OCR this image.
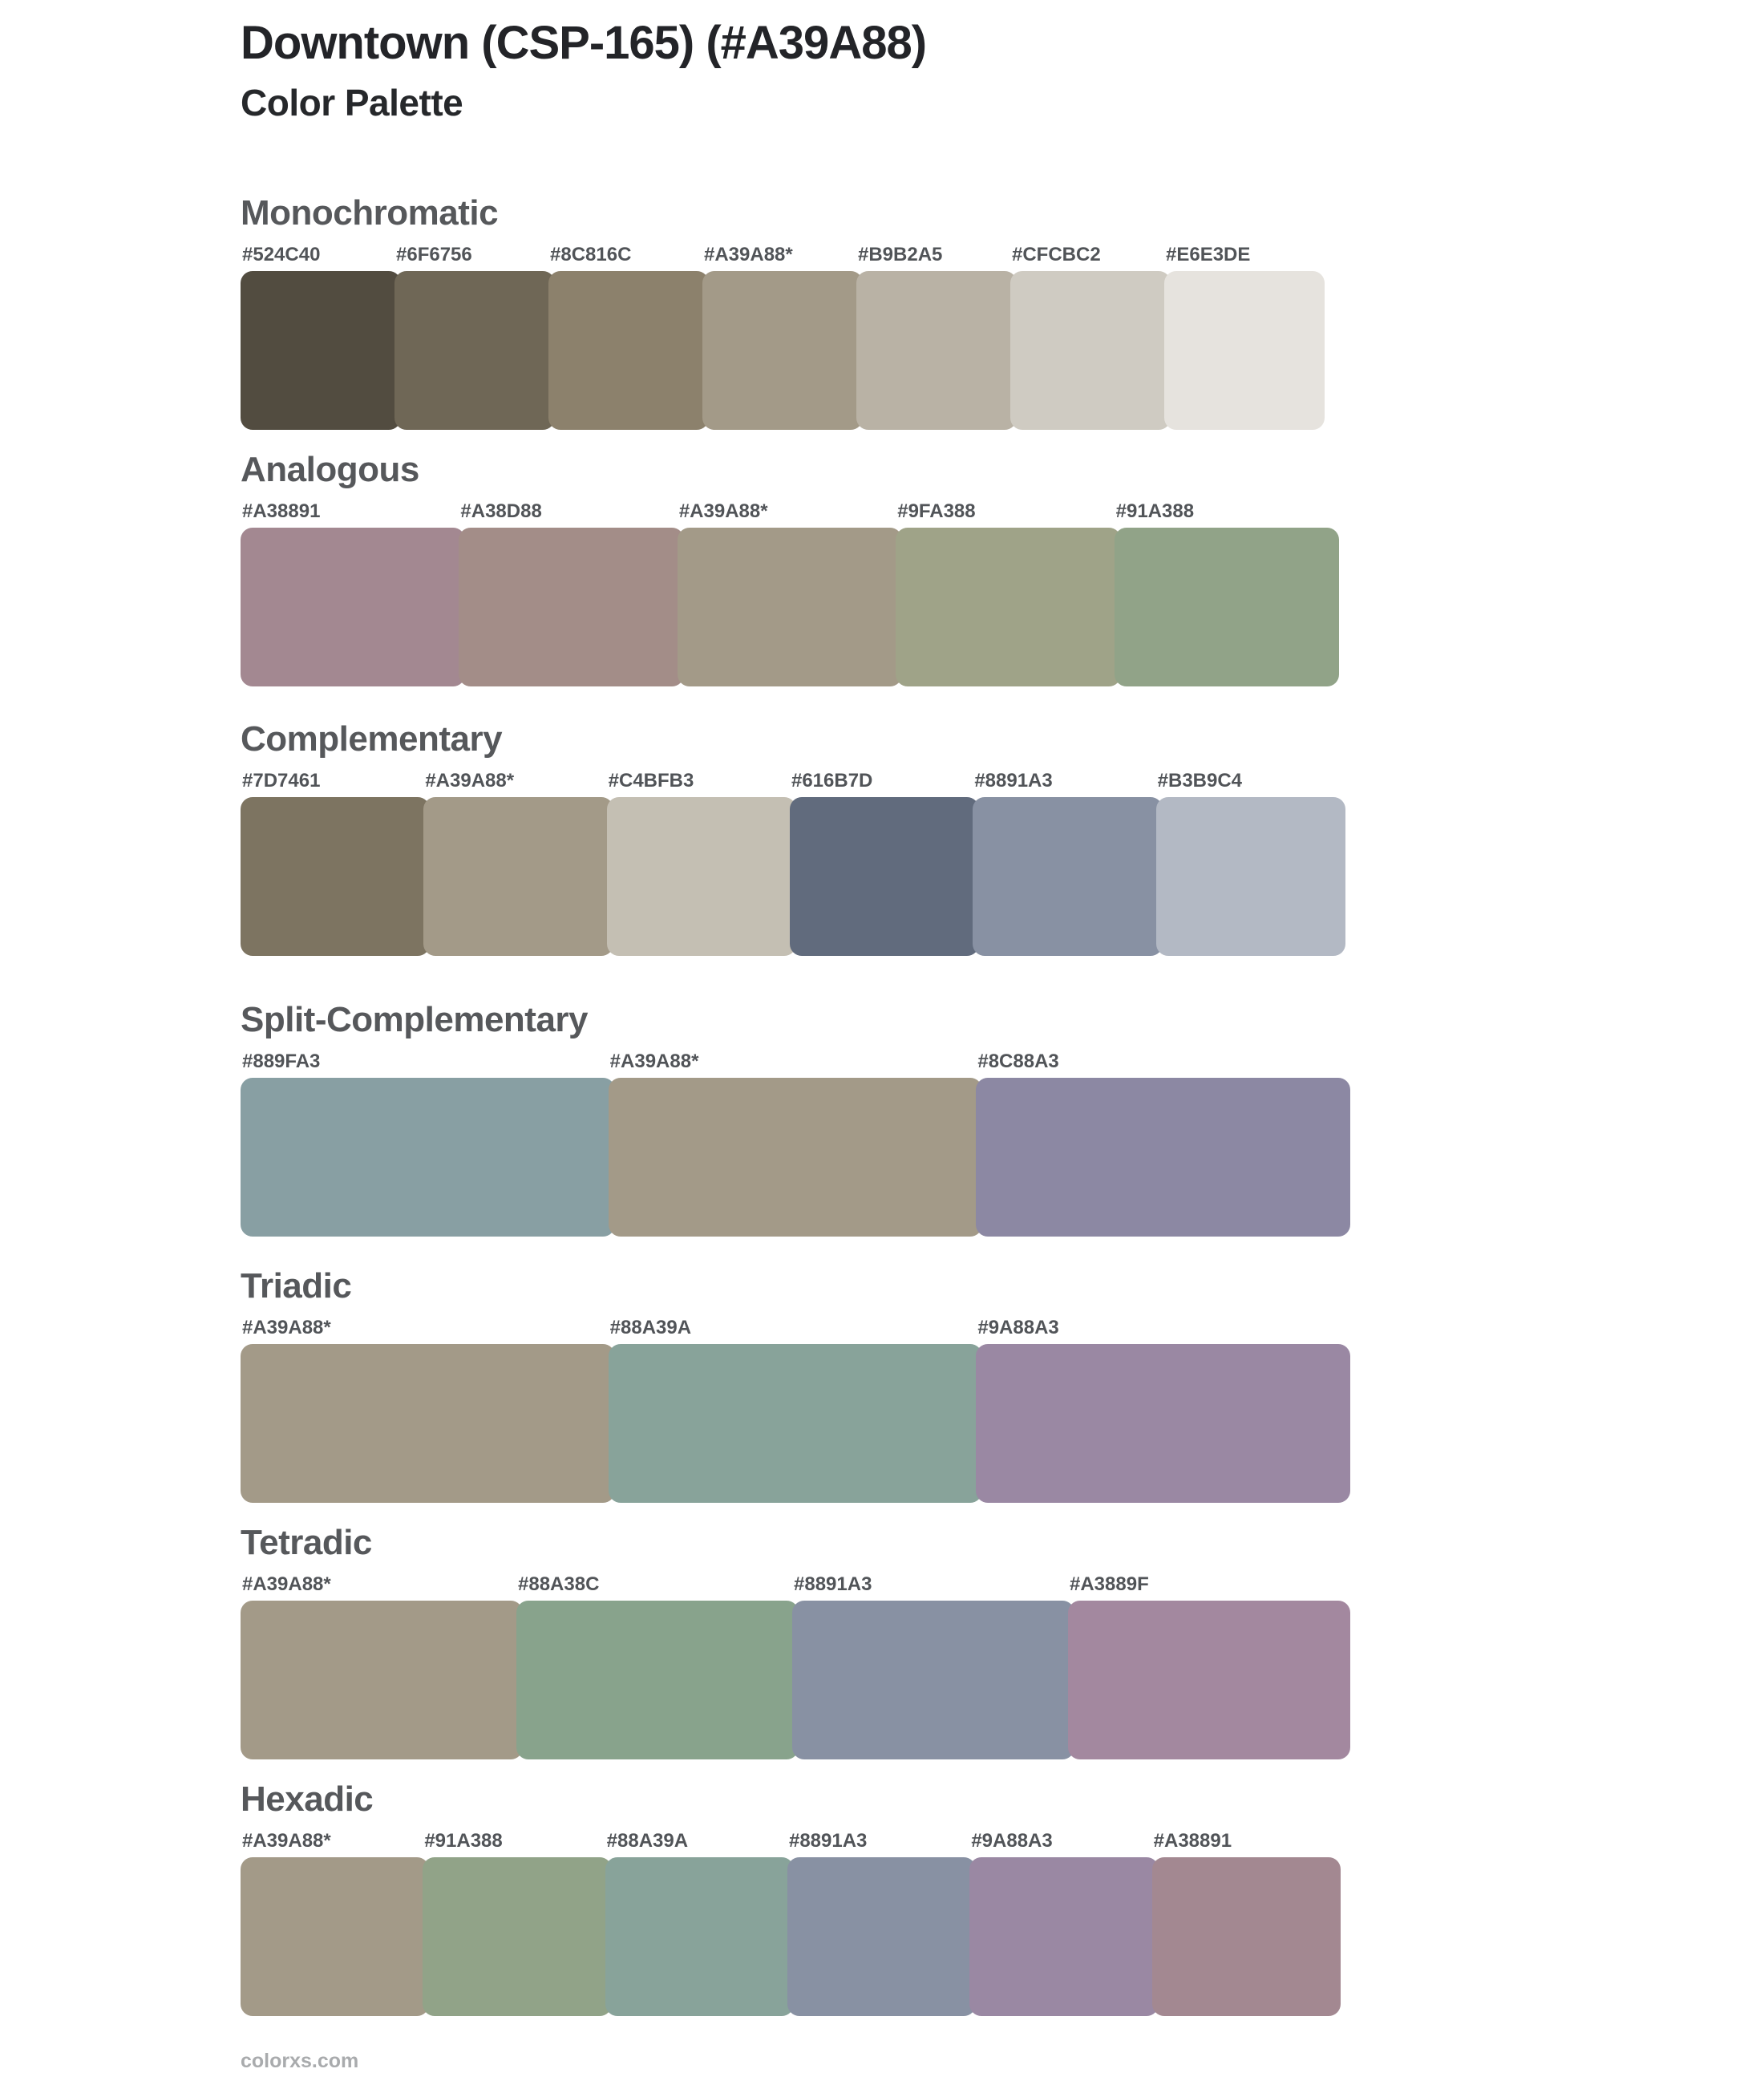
Downtown (CSP-165) (#A39A88)
Color Palette
Monochromatic
#524C40	#6F6756	#8C816C	#A39A88*	#B9B2A5	#CFCBC2	#E6E3DE
Analogous
#A38891	#A38D88	#A39A88*	#9FA388	#91A388
Complementary
#7D7461	#A39A88*	#C4BFB3	#616B7D	#8891A3	#B3B9C4
Split-Complementary
#889FA3	#A39A88*	#8C88A3
Triadic
#A39A88*	#88A39A	#9A88A3
Tetradic
#A39A88*	#88A38C	#8891A3	#A3889F
Hexadic
#A39A88*	#91A388	#88A39A	#8891A3	#9A88A3	#A38891
colorxs.com
